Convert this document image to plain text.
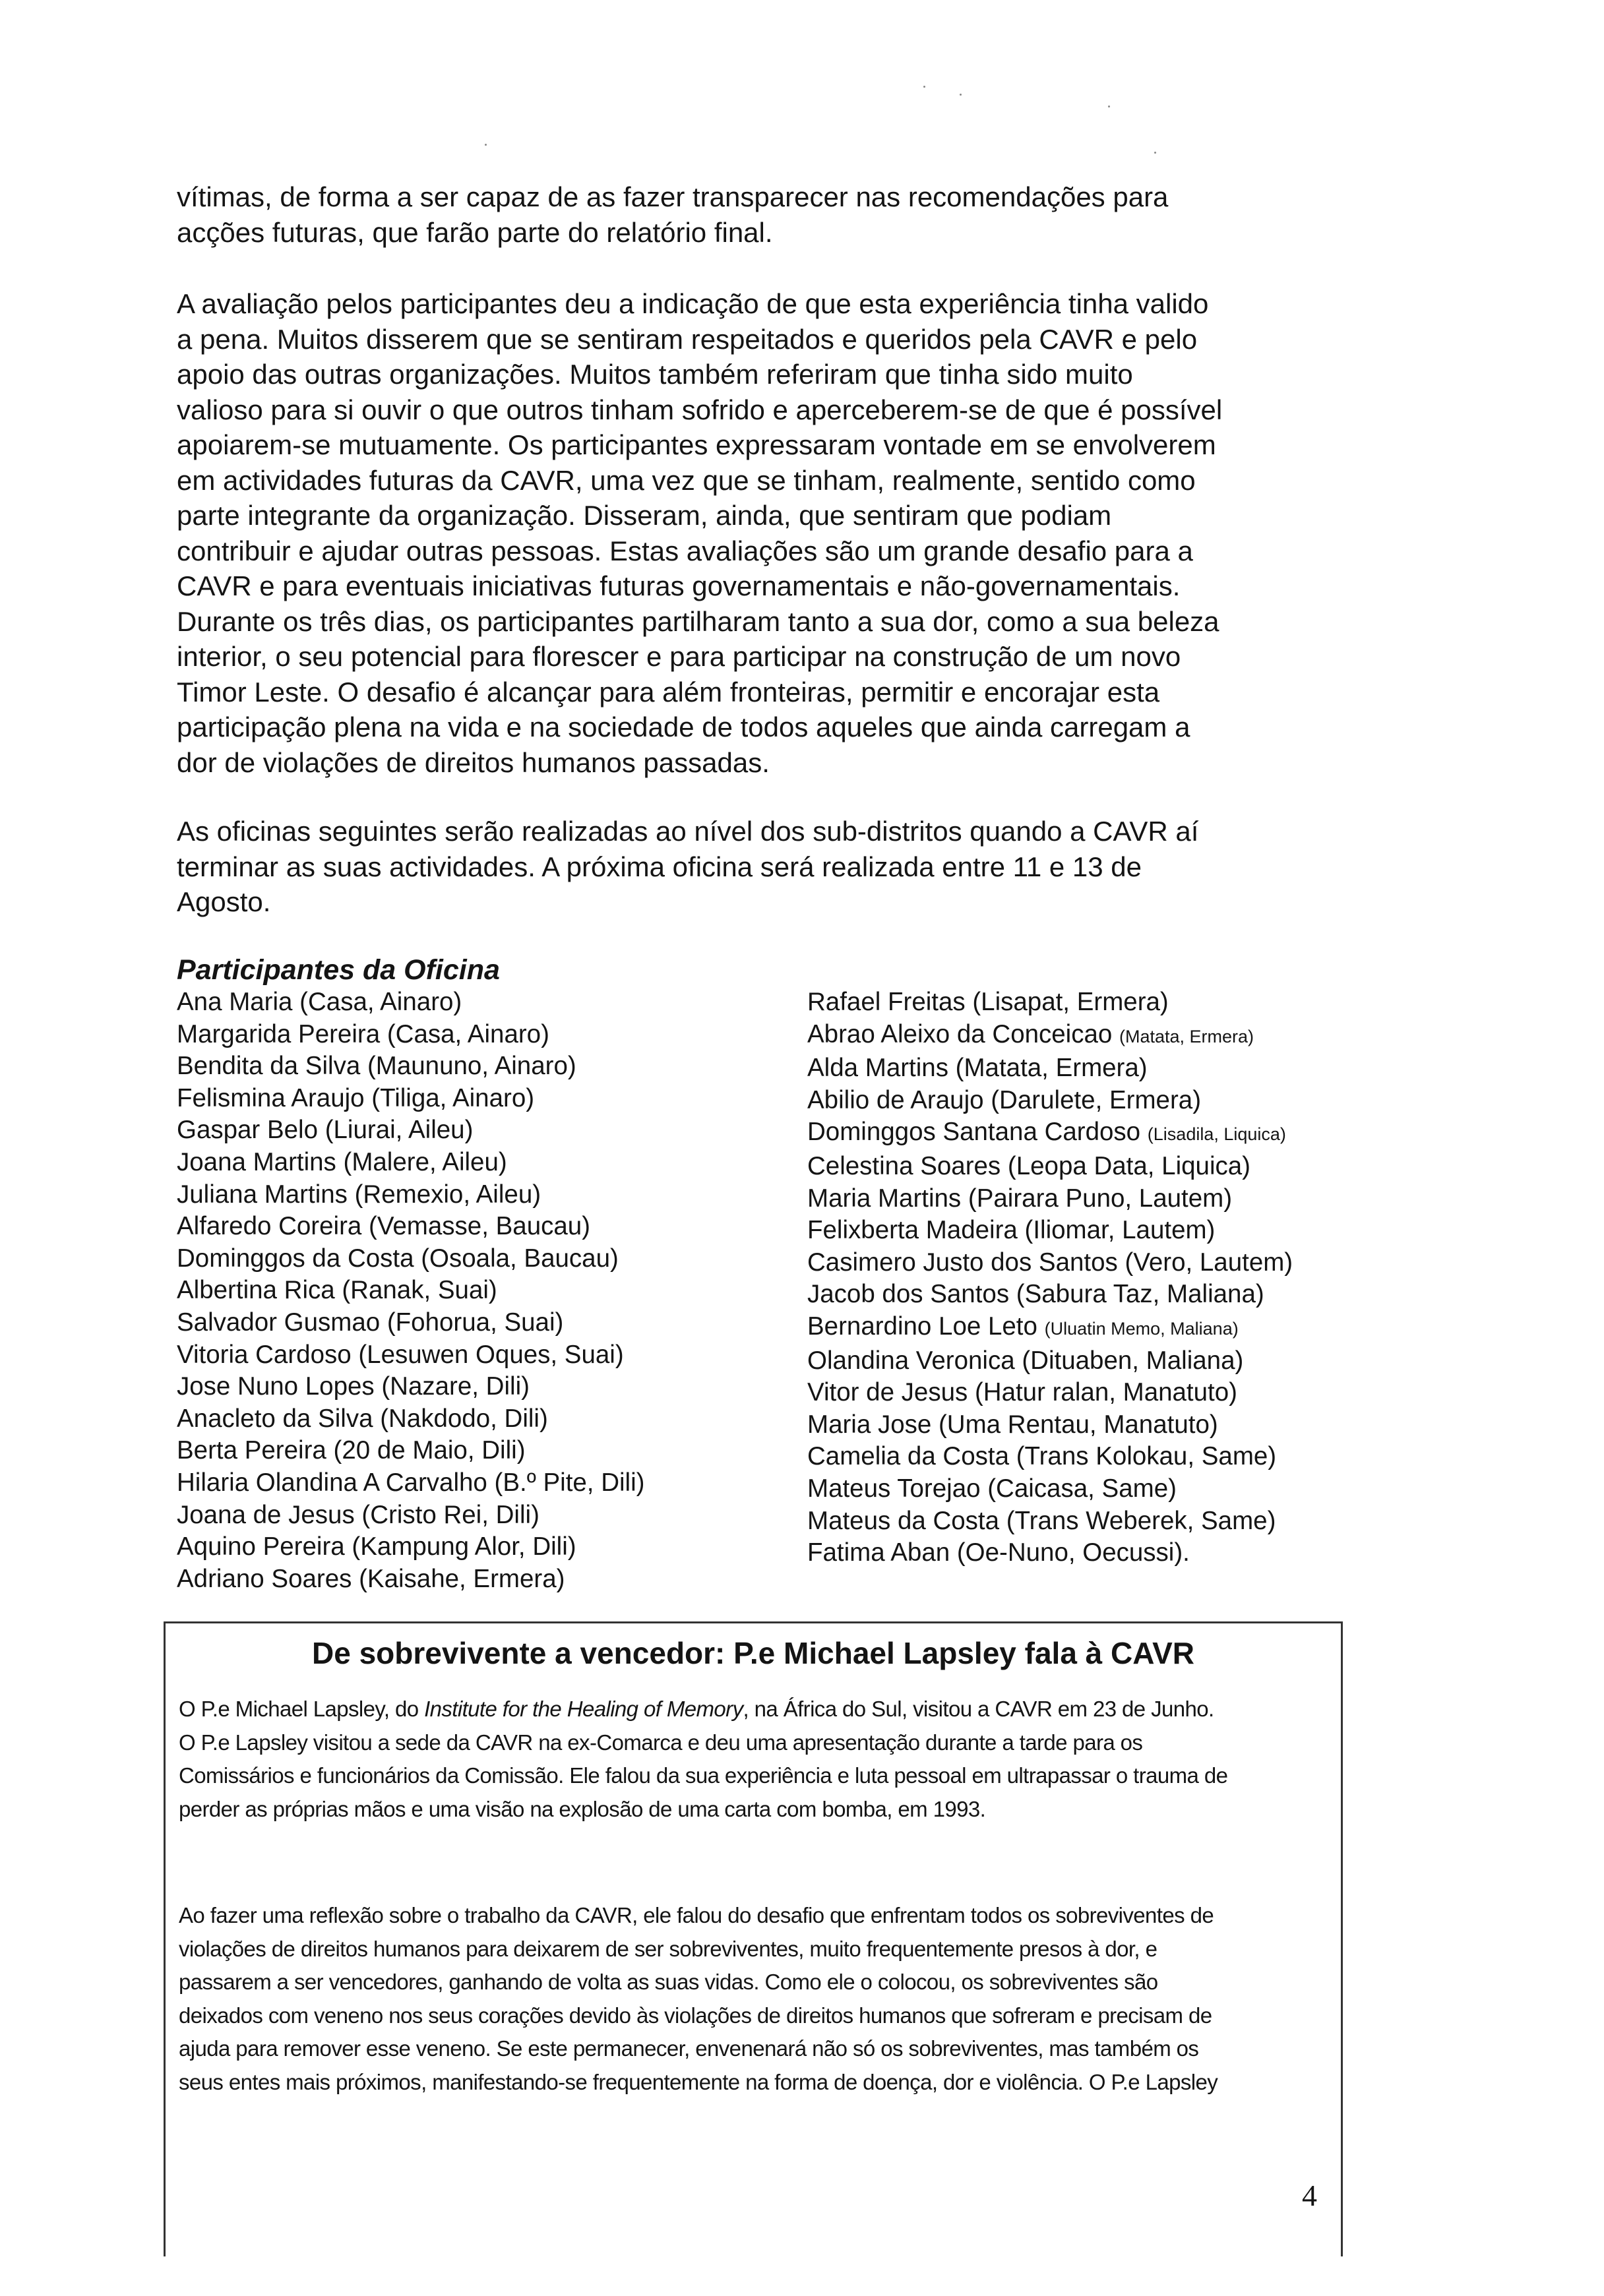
vítimas, de forma a ser capaz de as fazer transparecer nas recomendações para
acções futuras, que farão parte do relatório final.

A avaliação pelos participantes deu a indicação de que esta experiência tinha valido
a pena. Muitos disserem que se sentiram respeitados e queridos pela CAVR e pelo
apoio das outras organizações. Muitos também referiram que tinha sido muito
valioso para si ouvir o que outros tinham sofrido e aperceberem-se de que é possível
apoiarem-se mutuamente. Os participantes expressaram vontade em se envolverem
em actividades futuras da CAVR, uma vez que se tinham, realmente, sentido como
parte integrante da organização. Disseram, ainda, que sentiram que podiam
contribuir e ajudar outras pessoas. Estas avaliações são um grande desafio para a
CAVR e para eventuais iniciativas futuras governamentais e não-governamentais.
Durante os três dias, os participantes partilharam tanto a sua dor, como a sua beleza
interior, o seu potencial para florescer e para participar na construção de um novo
Timor Leste. O desafio é alcançar para além fronteiras, permitir e encorajar esta
participação plena na vida e na sociedade de todos aqueles que ainda carregam a
dor de violações de direitos humanos passadas.

As oficinas seguintes serão realizadas ao nível dos sub-distritos quando a CAVR aí
terminar as suas actividades. A próxima oficina será realizada entre 11 e 13 de
Agosto.

Participantes da Oficina
Ana Maria (Casa, Ainaro)
Margarida Pereira (Casa, Ainaro)
Bendita da Silva (Maununo, Ainaro)
Felismina Araujo (Tiliga, Ainaro)
Gaspar Belo (Liurai, Aileu)
Joana Martins (Malere, Aileu)
Juliana Martins (Remexio, Aileu)
Alfaredo Coreira (Vemasse, Baucau)
Dominggos da Costa (Osoala, Baucau)
Albertina Rica (Ranak, Suai)
Salvador Gusmao (Fohorua, Suai)
Vitoria Cardoso (Lesuwen Oques, Suai)
Jose Nuno Lopes (Nazare, Dili)
Anacleto da Silva (Nakdodo, Dili)
Berta Pereira (20 de Maio, Dili)
Hilaria Olandina A Carvalho (B.º Pite, Dili)
Joana de Jesus (Cristo Rei, Dili)
Aquino Pereira (Kampung Alor, Dili)
Adriano Soares (Kaisahe, Ermera)
Rafael Freitas (Lisapat, Ermera)
Abrao Aleixo da Conceicao (Matata, Ermera)
Alda Martins (Matata, Ermera)
Abilio de Araujo (Darulete, Ermera)
Dominggos Santana Cardoso (Lisadila, Liquica)
Celestina Soares (Leopa Data, Liquica)
Maria Martins (Pairara Puno, Lautem)
Felixberta Madeira (Iliomar, Lautem)
Casimero Justo dos Santos (Vero, Lautem)
Jacob dos Santos (Sabura Taz, Maliana)
Bernardino Loe Leto (Uluatin Memo, Maliana)
Olandina Veronica (Dituaben, Maliana)
Vitor de Jesus (Hatur ralan, Manatuto)
Maria Jose (Uma Rentau, Manatuto)
Camelia da Costa (Trans Kolokau, Same)
Mateus Torejao (Caicasa, Same)
Mateus da Costa (Trans Weberek, Same)
Fatima Aban (Oe-Nuno, Oecussi).
De sobrevivente a vencedor: P.e Michael Lapsley fala à CAVR

O P.e Michael Lapsley, do Institute for the Healing of Memory, na África do Sul, visitou a CAVR em 23 de Junho.
O P.e Lapsley visitou a sede da CAVR na ex-Comarca e deu uma apresentação durante a tarde para os
Comissários e funcionários da Comissão. Ele falou da sua experiência e luta pessoal em ultrapassar o trauma de
perder as próprias mãos e uma visão na explosão de uma carta com bomba, em 1993.

Ao fazer uma reflexão sobre o trabalho da CAVR, ele falou do desafio que enfrentam todos os sobreviventes de
violações de direitos humanos para deixarem de ser sobreviventes, muito frequentemente presos à dor, e
passarem a ser vencedores, ganhando de volta as suas vidas. Como ele o colocou, os sobreviventes são
deixados com veneno nos seus corações devido às violações de direitos humanos que sofreram e precisam de
ajuda para remover esse veneno. Se este permanecer, envenenará não só os sobreviventes, mas também os
seus entes mais próximos, manifestando-se frequentemente na forma de doença, dor e violência. O P.e Lapsley

4
